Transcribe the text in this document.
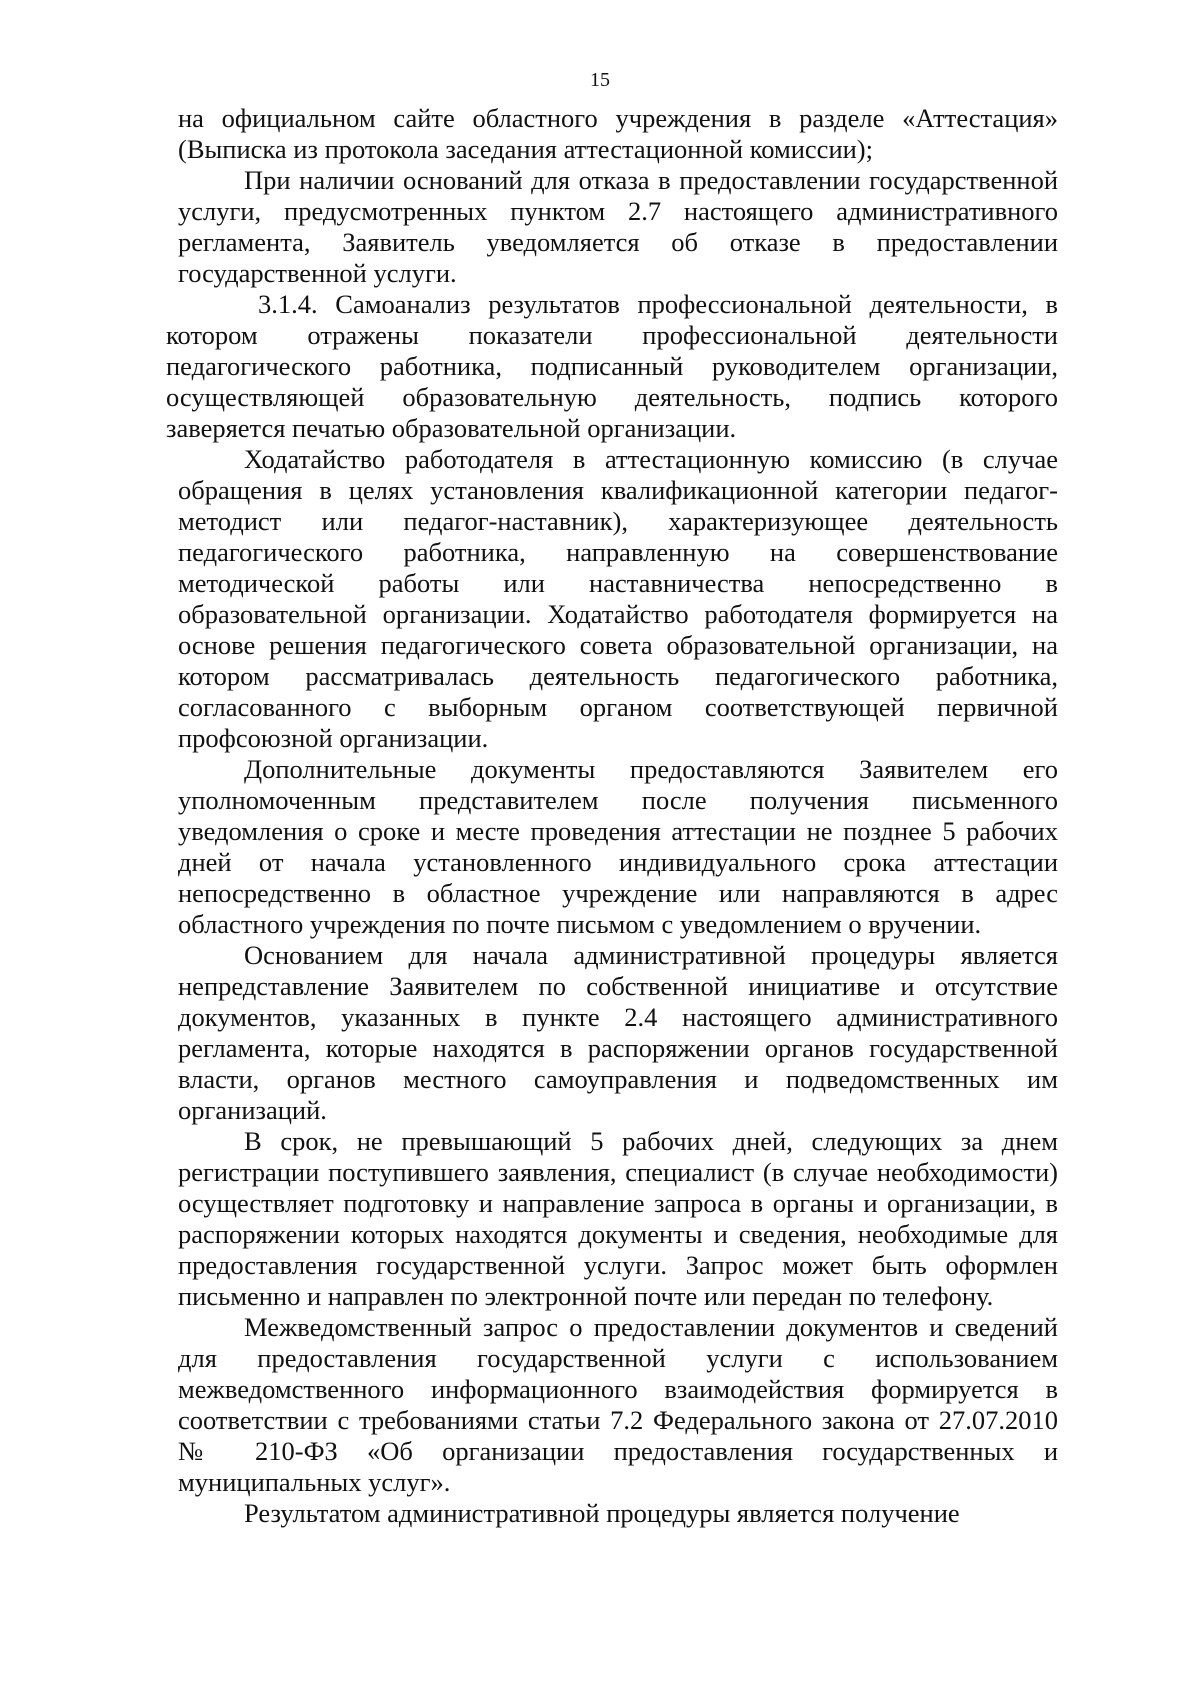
15

на официальном сайте областного учреждения в разделе «Аттестация» (Выписка из протокола заседания аттестационной комиссии);

При наличии оснований для отказа в предоставлении государственной услуги, предусмотренных пунктом 2.7 настоящего административного регламента, Заявитель уведомляется об отказе в предоставлении государственной услуги.

3.1.4. Самоанализ результатов профессиональной деятельности, в котором отражены показатели профессиональной деятельности педагогического работника, подписанный руководителем организации, осуществляющей образовательную деятельность, подпись которого заверяется печатью образовательной организации.

Ходатайство работодателя в аттестационную комиссию (в случае обращения в целях установления квалификационной категории педагог-методист или педагог-наставник), характеризующее деятельность педагогического работника, направленную на совершенствование методической работы или наставничества непосредственно в образовательной организации. Ходатайство работодателя формируется на основе решения педагогического совета образовательной организации, на котором рассматривалась деятельность педагогического работника, согласованного с выборным органом соответствующей первичной профсоюзной организации.

Дополнительные документы предоставляются Заявителем его уполномоченным представителем после получения письменного уведомления о сроке и месте проведения аттестации не позднее 5 рабочих дней от начала установленного индивидуального срока аттестации непосредственно в областное учреждение или направляются в адрес областного учреждения по почте письмом с уведомлением о вручении.

Основанием для начала административной процедуры является непредставление Заявителем по собственной инициативе и отсутствие документов, указанных в пункте 2.4 настоящего административного регламента, которые находятся в распоряжении органов государственной власти, органов местного самоуправления и подведомственных им организаций.

В срок, не превышающий 5 рабочих дней, следующих за днем регистрации поступившего заявления, специалист (в случае необходимости) осуществляет подготовку и направление запроса в органы и организации, в распоряжении которых находятся документы и сведения, необходимые для предоставления государственной услуги. Запрос может быть оформлен письменно и направлен по электронной почте или передан по телефону.

Межведомственный запрос о предоставлении документов и сведений для предоставления государственной услуги с использованием межведомственного информационного взаимодействия формируется в соответствии с требованиями статьи 7.2 Федерального закона от 27.07.2010 № 210-ФЗ «Об организации предоставления государственных и муниципальных услуг».

Результатом административной процедуры является получение
